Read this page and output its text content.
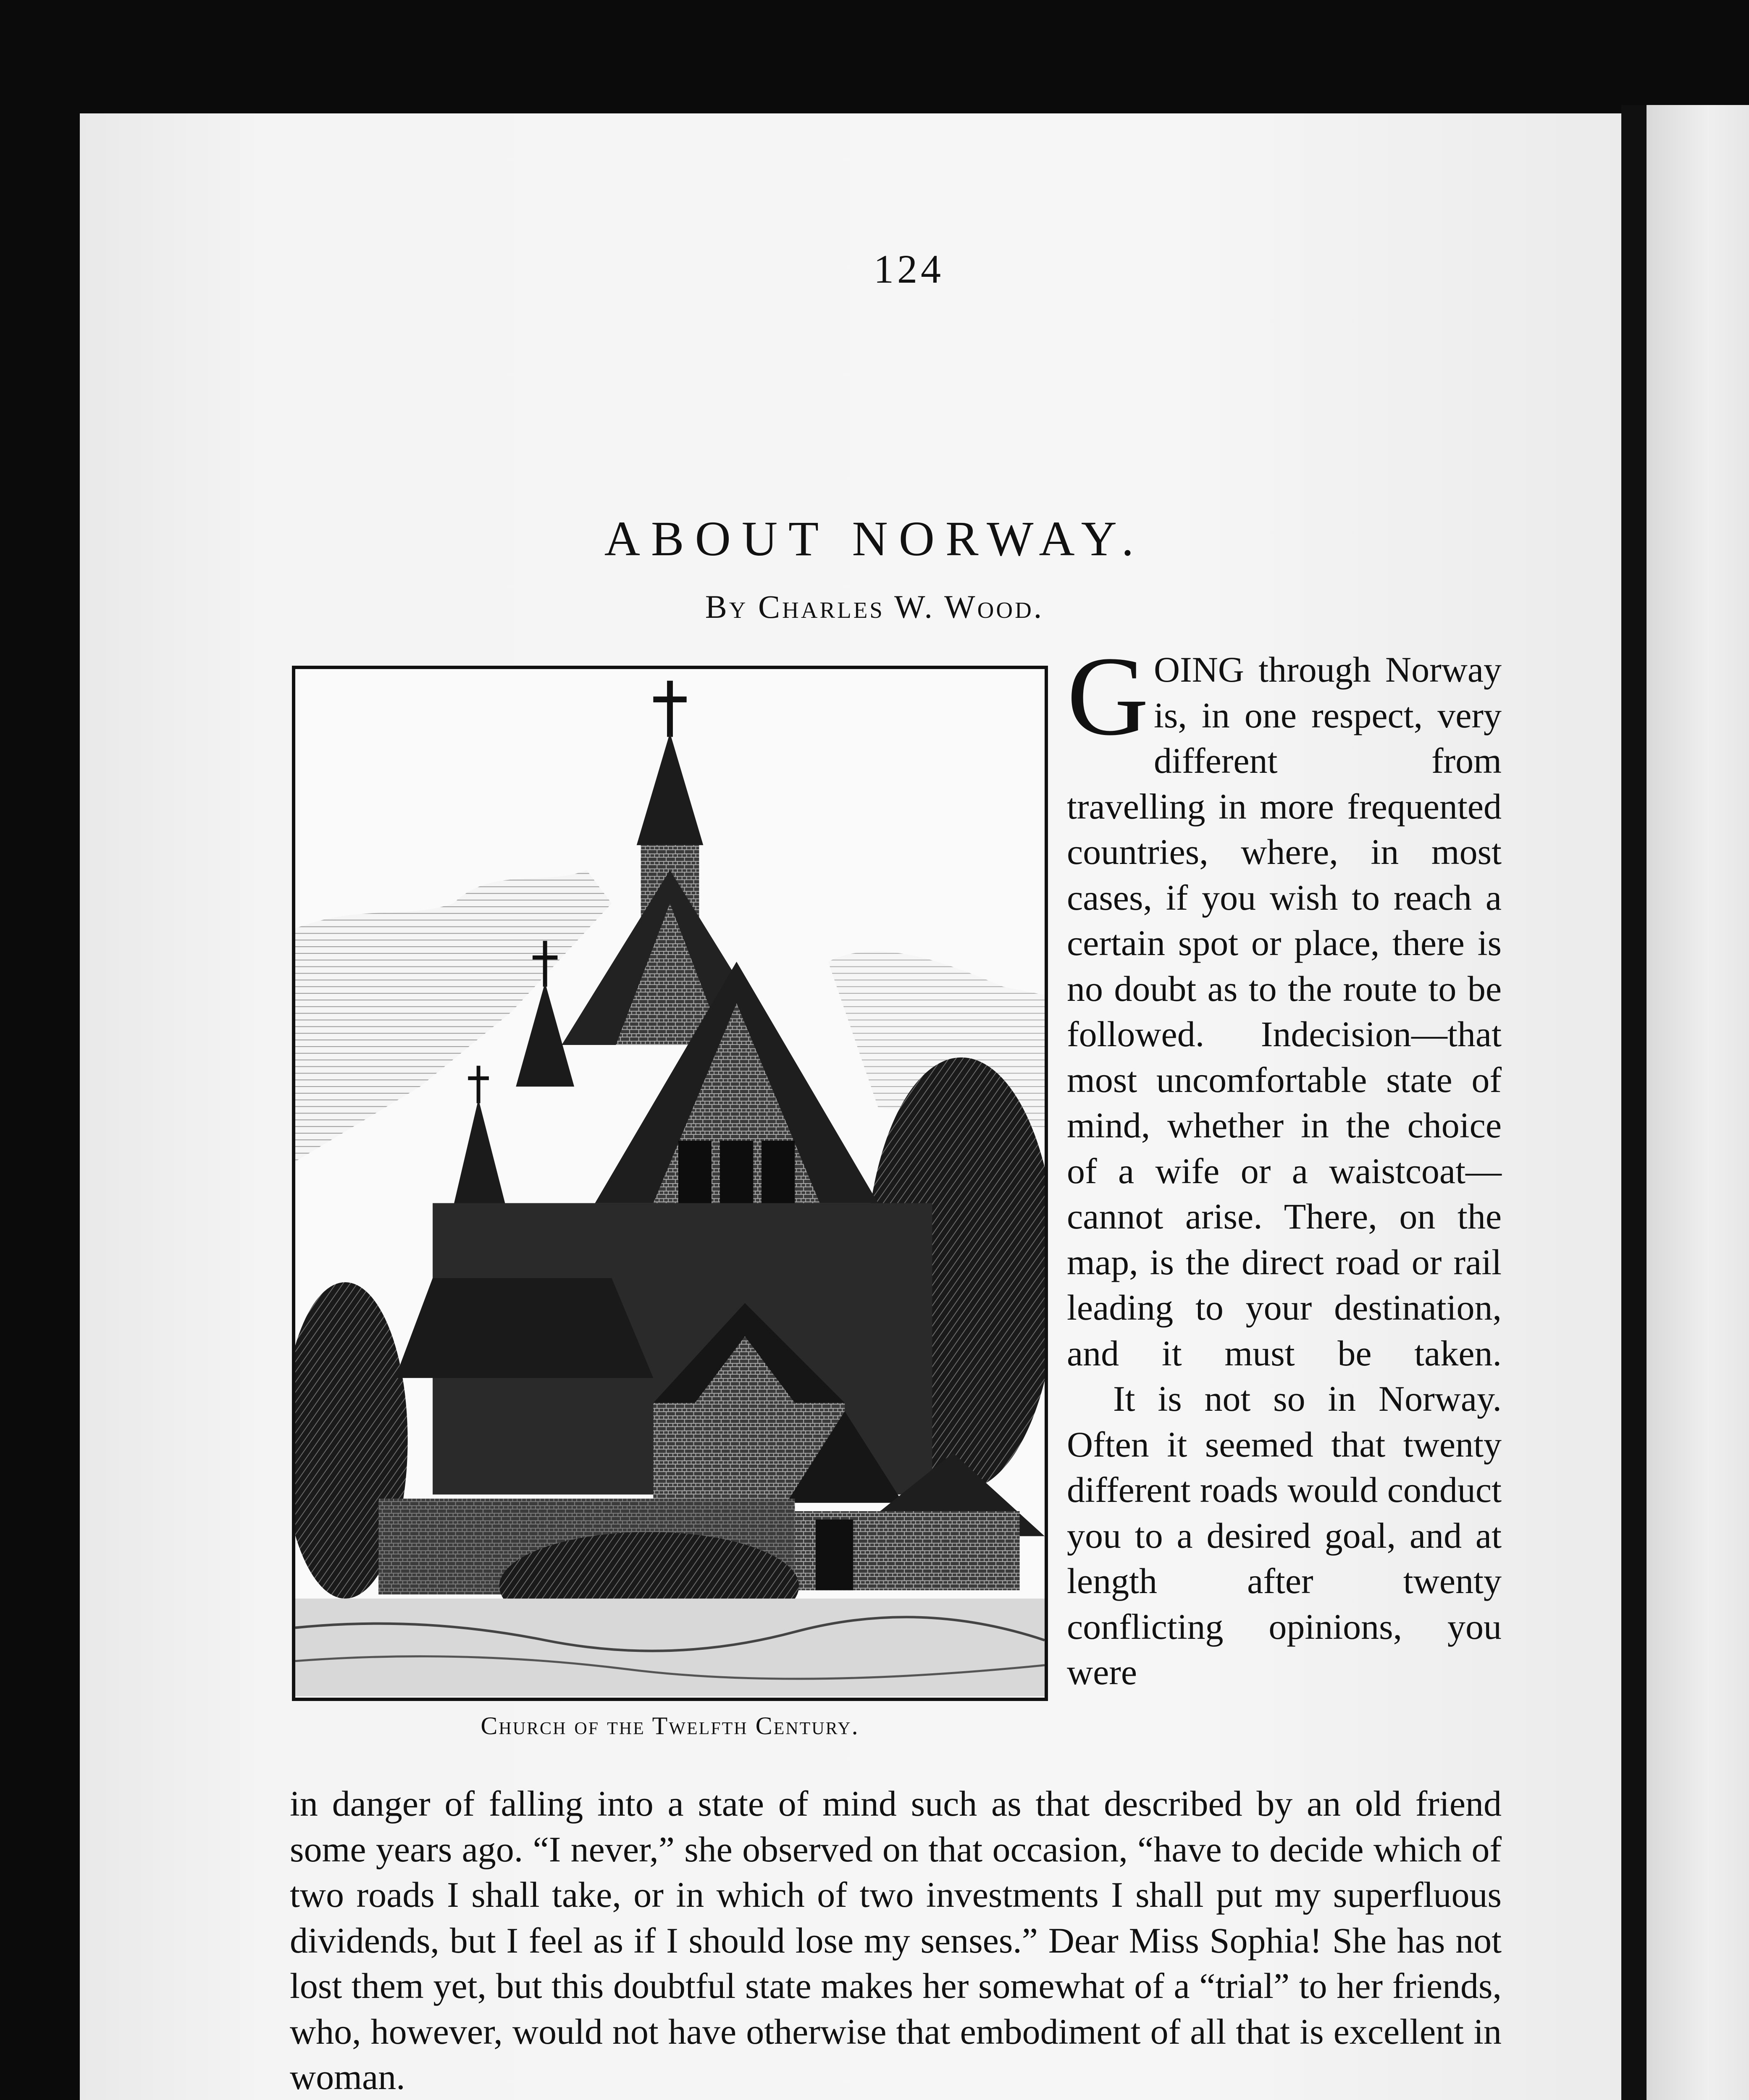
124

ABOUT NORWAY.

By Charles W. Wood.

Church of the Twelfth Century.

GOING through Norway is, in one respect, very different from travelling in more frequented countries, where, in most cases, if you wish to reach a certain spot or place, there is no doubt as to the route to be followed. Indecision—that most uncomfortable state of mind, whether in the choice of a wife or a waistcoat—cannot arise. There, on the map, is the direct road or rail leading to your destination, and it must be taken.

It is not so in Norway. Often it seemed that twenty different roads would conduct you to a desired goal, and at length after twenty conflicting opinions, you were

in danger of falling into a state of mind such as that described by an old friend some years ago. “I never,” she observed on that occasion, “have to decide which of two roads I shall take, or in which of two investments I shall put my superfluous dividends, but I feel as if I should lose my senses.” Dear Miss Sophia! She has not lost them yet, but this doubtful state makes her somewhat of a “trial” to her friends, who, however, would not have otherwise that embodiment of all that is excellent in woman.
